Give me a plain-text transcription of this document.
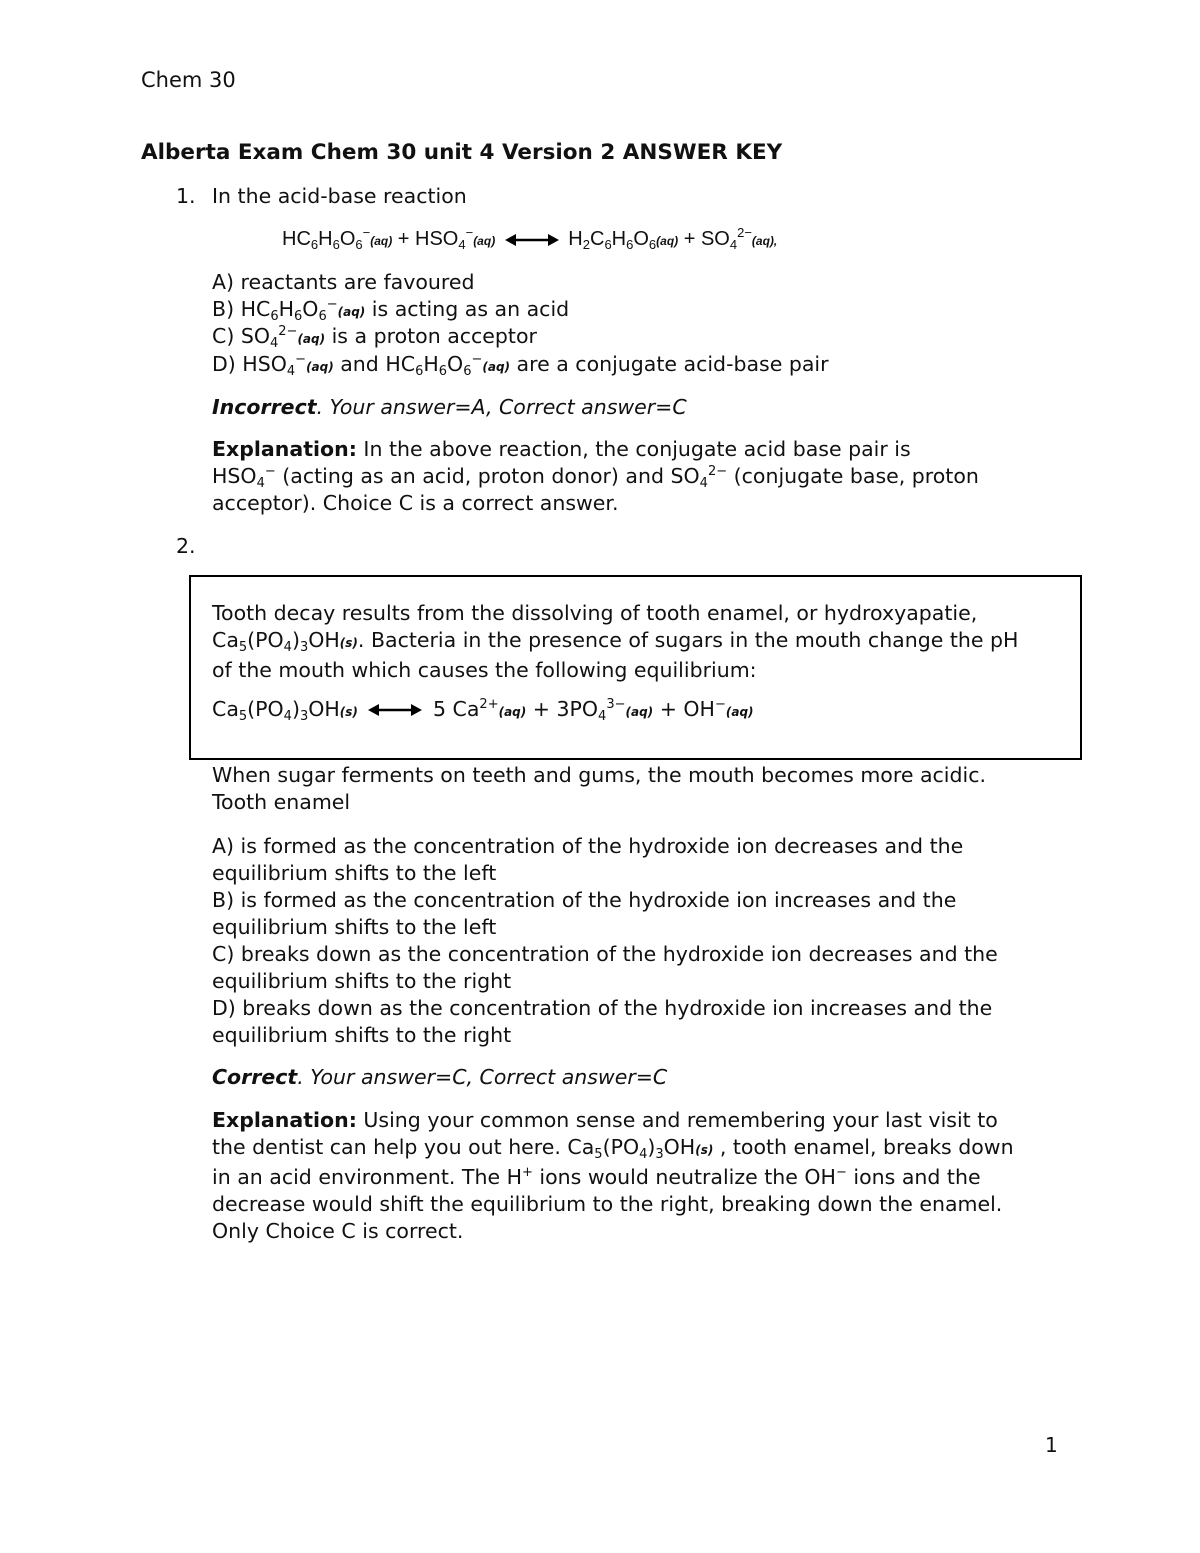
Chem 30
Alberta Exam Chem 30 unit 4 Version 2 ANSWER KEY
1. In the acid-base reaction
$HC_6H_6O_6^-(aq) + HSO_4^-(aq)$	$H_2C_6H_6O_6(aq) + SO_4^{2-}(aq)$,
A) reactants are favoured
B) $HC_6H_6O_6^-(aq)$ is acting as an acid
C) $SO_4^{2-}(aq)$ is a proton acceptor
D) $HSO_4^-(aq)$ and $HC_6H_6O_6^-(aq)$ are a conjugate acid-base pair
Incorrect. Your answer=A, Correct answer=C
Explanation: In the above reaction, the conjugate acid base pair is
$HSO_4^-$ (acting as an acid, proton donor) and $SO_4^{2-}$ (conjugate base, proton
acceptor). Choice C is a correct answer.
2.
Tooth decay results from the dissolving of tooth enamel, or hydroxyapatie,
$Ca_5(PO_4)_3OH(s)$. Bacteria in the presence of sugars in the mouth change the pH
of the mouth which causes the following equilibrium:
$Ca_5(PO_4)_3OH(s)$	5 $Ca^{2+}(aq) + 3PO_4^{3-}(aq) + OH^-(aq)$
When sugar ferments on teeth and gums, the mouth becomes more acidic.
Tooth enamel
A) is formed as the concentration of the hydroxide ion decreases and the
equilibrium shifts to the left
B) is formed as the concentration of the hydroxide ion increases and the
equilibrium shifts to the left
C) breaks down as the concentration of the hydroxide ion decreases and the
equilibrium shifts to the right
D) breaks down as the concentration of the hydroxide ion increases and the
equilibrium shifts to the right
Correct. Your answer=C, Correct answer=C
Explanation: Using your common sense and remembering your last visit to
the dentist can help you out here. $Ca_5(PO_4)_3OH(s)$ , tooth enamel, breaks down
in an acid environment. The H+ ions would neutralize the OH− ions and the
decrease would shift the equilibrium to the right, breaking down the enamel.
Only Choice C is correct.
1
